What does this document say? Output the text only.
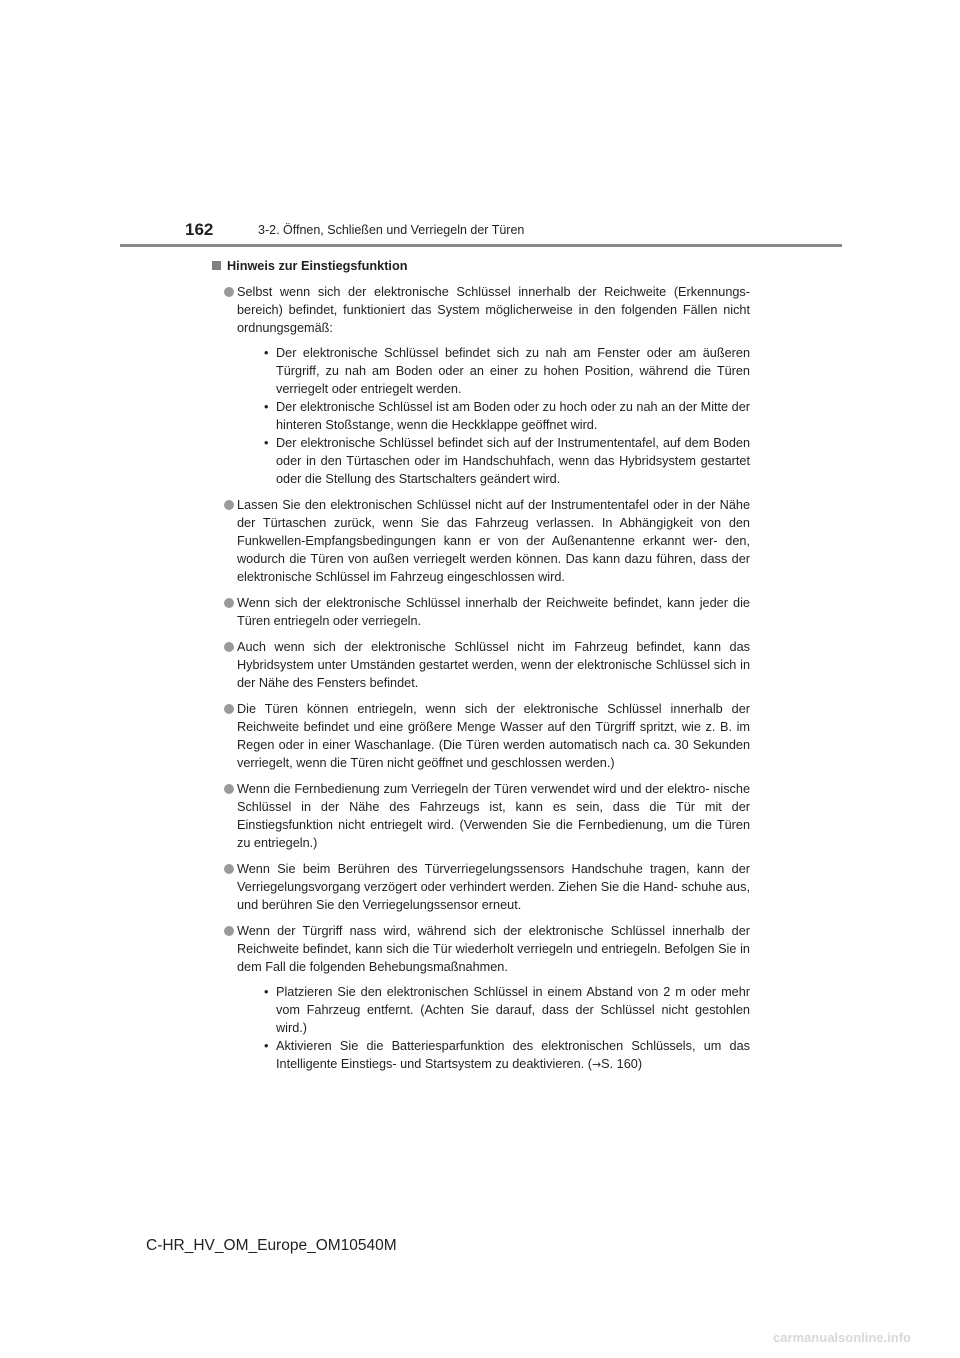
162	3-2. Öffnen, Schließen und Verriegeln der Türen
Hinweis zur Einstiegsfunktion

Selbst wenn sich der elektronische Schlüssel innerhalb der Reichweite (Erkennungs- bereich) befindet, funktioniert das System möglicherweise in den folgenden Fällen nicht ordnungsgemäß:

• Der elektronische Schlüssel befindet sich zu nah am Fenster oder am äußeren Türgriff, zu nah am Boden oder an einer zu hohen Position, während die Türen verriegelt oder entriegelt werden.
• Der elektronische Schlüssel ist am Boden oder zu hoch oder zu nah an der Mitte der hinteren Stoßstange, wenn die Heckklappe geöffnet wird.
• Der elektronische Schlüssel befindet sich auf der Instrumententafel, auf dem Boden oder in den Türtaschen oder im Handschuhfach, wenn das Hybridsystem gestartet oder die Stellung des Startschalters geändert wird.

Lassen Sie den elektronischen Schlüssel nicht auf der Instrumententafel oder in der Nähe der Türtaschen zurück, wenn Sie das Fahrzeug verlassen. In Abhängigkeit von den Funkwellen-Empfangsbedingungen kann er von der Außenantenne erkannt wer- den, wodurch die Türen von außen verriegelt werden können. Das kann dazu führen, dass der elektronische Schlüssel im Fahrzeug eingeschlossen wird.

Wenn sich der elektronische Schlüssel innerhalb der Reichweite befindet, kann jeder die Türen entriegeln oder verriegeln.

Auch wenn sich der elektronische Schlüssel nicht im Fahrzeug befindet, kann das Hybridsystem unter Umständen gestartet werden, wenn der elektronische Schlüssel sich in der Nähe des Fensters befindet.

Die Türen können entriegeln, wenn sich der elektronische Schlüssel innerhalb der Reichweite befindet und eine größere Menge Wasser auf den Türgriff spritzt, wie z. B. im Regen oder in einer Waschanlage. (Die Türen werden automatisch nach ca. 30 Sekunden verriegelt, wenn die Türen nicht geöffnet und geschlossen werden.)

Wenn die Fernbedienung zum Verriegeln der Türen verwendet wird und der elektro- nische Schlüssel in der Nähe des Fahrzeugs ist, kann es sein, dass die Tür mit der Einstiegsfunktion nicht entriegelt wird. (Verwenden Sie die Fernbedienung, um die Türen zu entriegeln.)

Wenn Sie beim Berühren des Türverriegelungssensors Handschuhe tragen, kann der Verriegelungsvorgang verzögert oder verhindert werden. Ziehen Sie die Hand- schuhe aus, und berühren Sie den Verriegelungssensor erneut.

Wenn der Türgriff nass wird, während sich der elektronische Schlüssel innerhalb der Reichweite befindet, kann sich die Tür wiederholt verriegeln und entriegeln. Befolgen Sie in dem Fall die folgenden Behebungsmaßnahmen.

• Platzieren Sie den elektronischen Schlüssel in einem Abstand von 2 m oder mehr vom Fahrzeug entfernt. (Achten Sie darauf, dass der Schlüssel nicht gestohlen wird.)
• Aktivieren Sie die Batteriesparfunktion des elektronischen Schlüssels, um das Intelligente Einstiegs- und Startsystem zu deaktivieren. (→S. 160)
C-HR_HV_OM_Europe_OM10540M
carmanualsonline.info
